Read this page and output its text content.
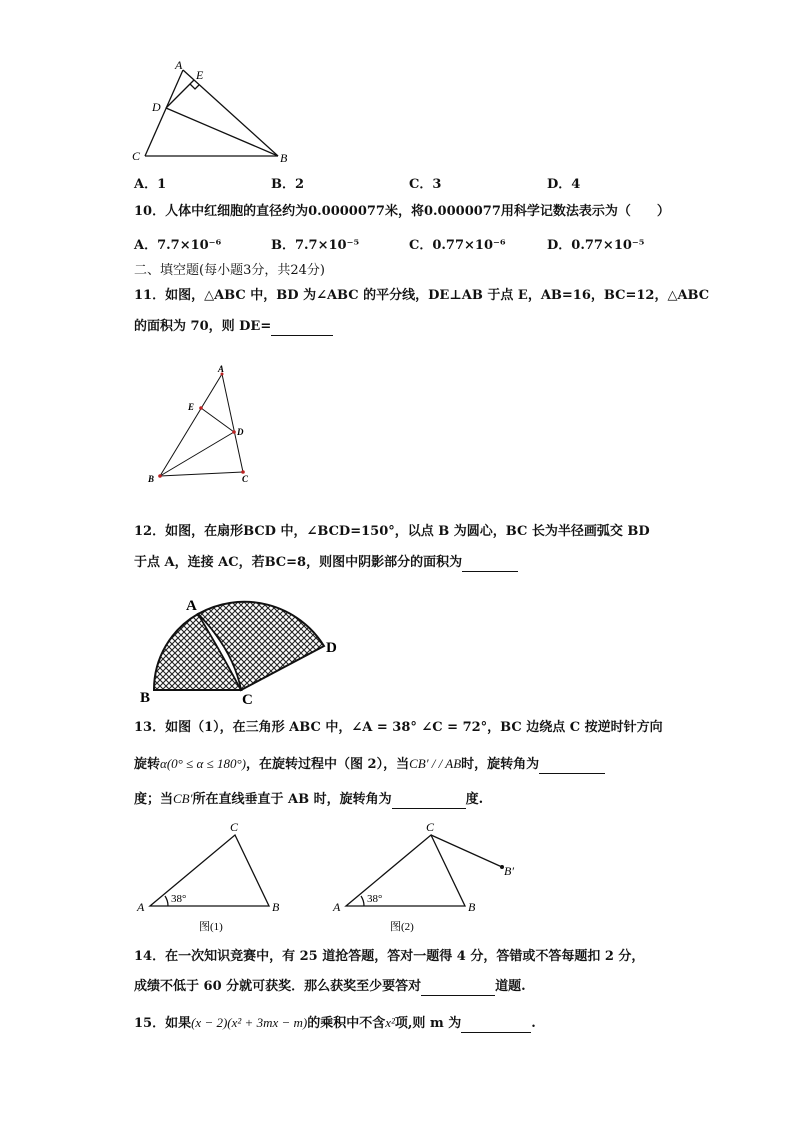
A
E
D
C	B
A．1	B．2	C．3	D．4
10．人体中红细胞的直径约为0.0000077米，将0.0000077用科学记数法表示为（　　）
A．7.7×10⁻⁶	B．7.7×10⁻⁵	C．0.77×10⁻⁶	D．0.77×10⁻⁵
二、填空题(每小题3分，共24分)
11．如图，△ABC 中，BD 为∠ABC 的平分线，DE⊥AB 于点 E，AB=16，BC=12，△ABC
的面积为 70，则 DE=
A
E
D
B	C
12．如图，在扇形BCD 中，∠BCD=150°，以点 B 为圆心，BC 长为半径画弧交 BD
于点 A，连接 AC，若BC=8，则图中阴影部分的面积为
A
B	C
D
13．如图（1），在三角形 ABC 中，∠A = 38° ∠C = 72°，BC 边绕点 C 按逆时针方向
旋转α(0° ≤ α ≤ 180°)，在旋转过程中（图 2），当CB′ / / AB时，旋转角为
度；当CB′所在直线垂直于 AB 时，旋转角为	度.
C
A	B
38°
图(1)
C
A	B
B′
38°
图(2)
14．在一次知识竞赛中，有 25 道抢答题，答对一题得 4 分，答错或不答每题扣 2 分，
成绩不低于 60 分就可获奖．那么获奖至少要答对	道题.
15．如果(x − 2)(x² + 3mx − m)的乘积中不含x²项,则 m 为	.
